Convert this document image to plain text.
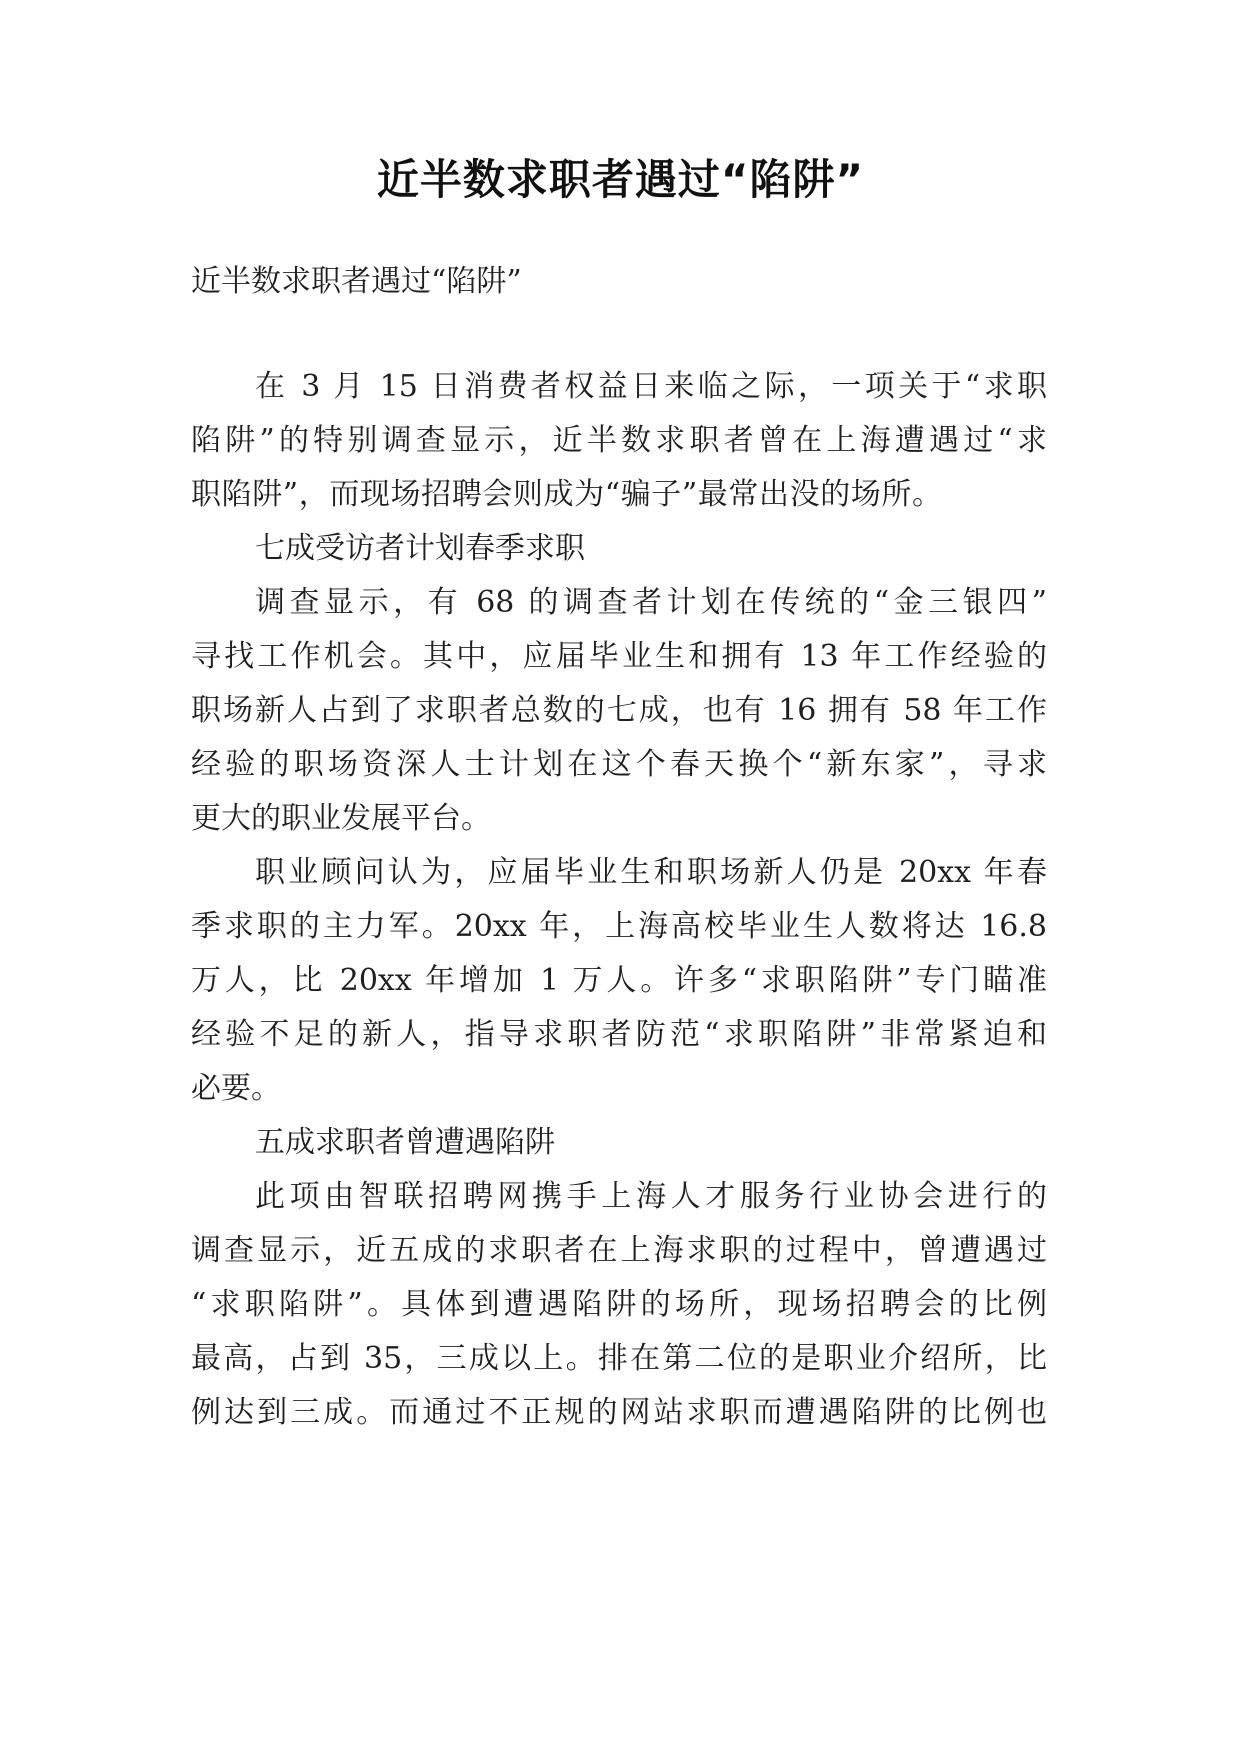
近半数求职者遇过“陷阱”

近半数求职者遇过“陷阱”

在 3 月 15 日消费者权益日来临之际，一项关于“求职

陷阱”的特别调查显示，近半数求职者曾在上海遭遇过“求

职陷阱”，而现场招聘会则成为“骗子”最常出没的场所。

七成受访者计划春季求职

调查显示，有 68 的调查者计划在传统的“金三银四”

寻找工作机会。其中，应届毕业生和拥有 13 年工作经验的

职场新人占到了求职者总数的七成，也有 16 拥有 58 年工作

经验的职场资深人士计划在这个春天换个“新东家”，寻求

更大的职业发展平台。

职业顾问认为，应届毕业生和职场新人仍是 20xx 年春

季求职的主力军。20xx 年，上海高校毕业生人数将达 16.8

万人，比 20xx 年增加 1 万人。许多“求职陷阱”专门瞄准

经验不足的新人，指导求职者防范“求职陷阱”非常紧迫和

必要。

五成求职者曾遭遇陷阱

此项由智联招聘网携手上海人才服务行业协会进行的

调查显示，近五成的求职者在上海求职的过程中，曾遭遇过

“求职陷阱”。具体到遭遇陷阱的场所，现场招聘会的比例

最高，占到 35，三成以上。排在第二位的是职业介绍所，比

例达到三成。而通过不正规的网站求职而遭遇陷阱的比例也
